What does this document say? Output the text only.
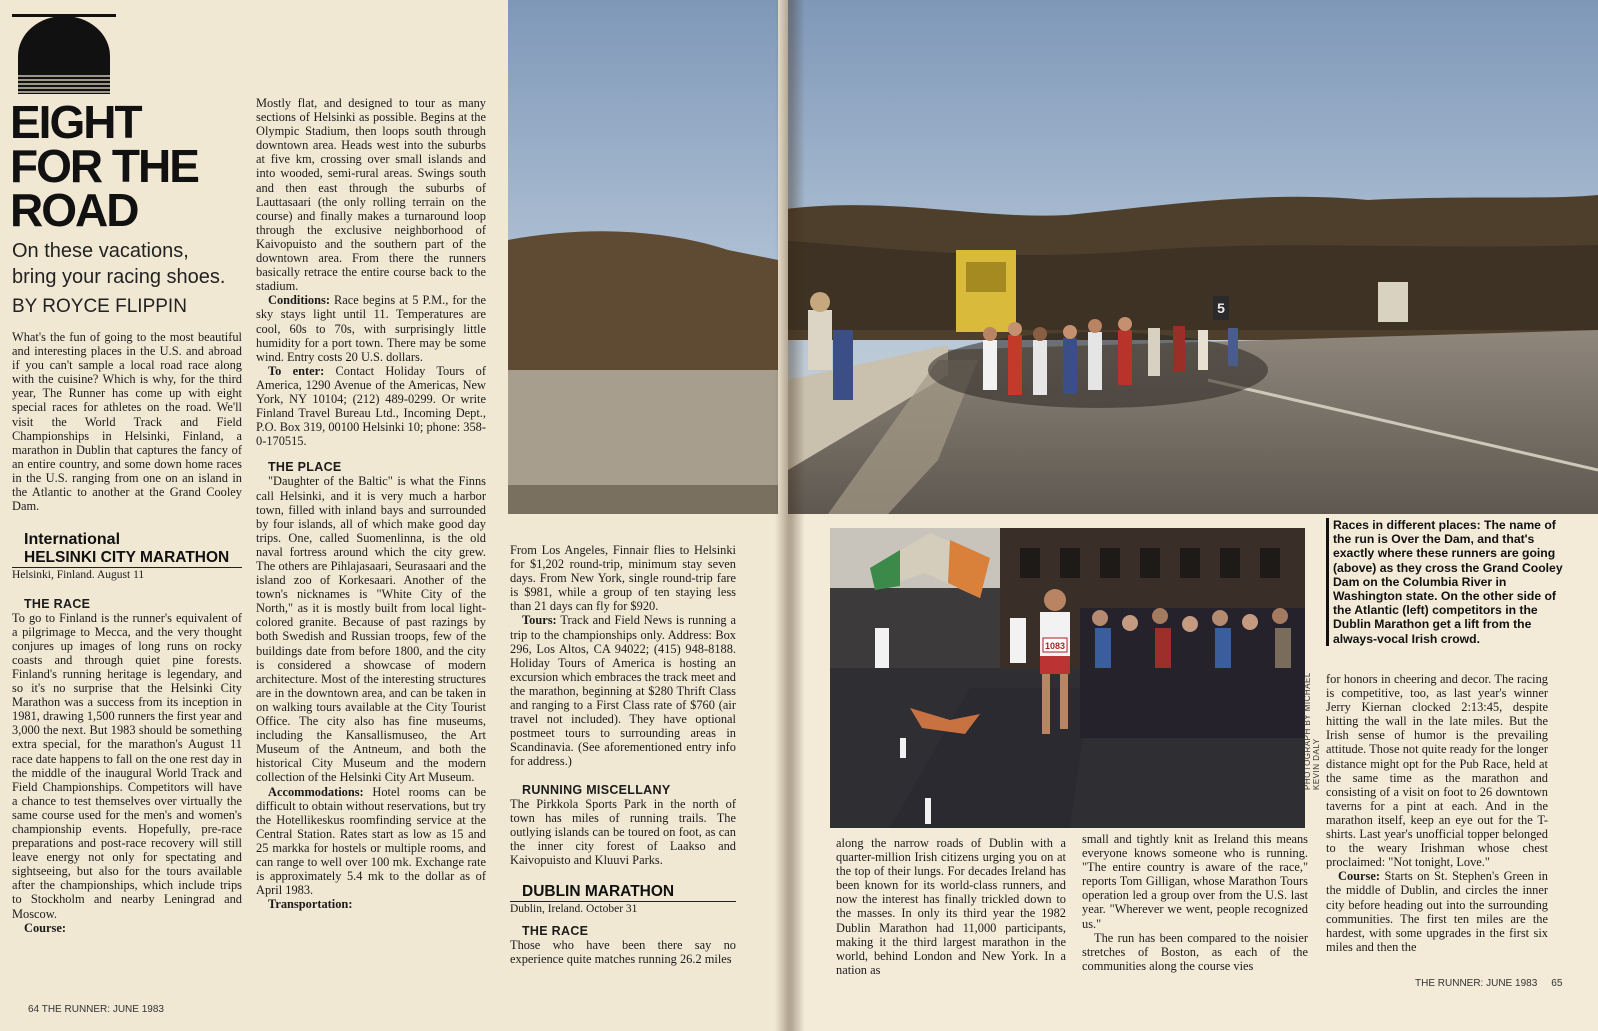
EIGHT
FOR THE
ROAD
On these vacations,
bring your racing shoes.
BY ROYCE FLIPPIN

What's the fun of going to the most beautiful and interesting places in the U.S. and abroad if you can't sample a local road race along with the cuisine? Which is why, for the third year, The Runner has come up with eight special races for athletes on the road. We'll visit the World Track and Field Championships in Helsinki, Finland, a marathon in Dublin that captures the fancy of an entire country, and some down home races in the U.S. ranging from one on an island in the Atlantic to another at the Grand Cooley Dam.

International

HELSINKI CITY MARATHON

Helsinki, Finland. August 11

THE RACE

To go to Finland is the runner's equivalent of a pilgrimage to Mecca, and the very thought conjures up images of long runs on rocky coasts and through quiet pine forests. Finland's running heritage is legendary, and so it's no surprise that the Helsinki City Marathon was a success from its inception in 1981, drawing 1,500 runners the first year and 3,000 the next. But 1983 should be something extra special, for the marathon's August 11 race date happens to fall on the one rest day in the middle of the inaugural World Track and Field Championships. Competitors will have a chance to test themselves over virtually the same course used for the men's and women's championship events. Hopefully, pre-race preparations and post-race recovery will still leave energy not only for spectating and sightseeing, but also for the tours available after the championships, which include trips to Stockholm and nearby Leningrad and Moscow.

Course:

Mostly flat, and designed to tour as many sections of Helsinki as possible. Begins at the Olympic Stadium, then loops south through downtown area. Heads west into the suburbs at five km, crossing over small islands and into wooded, semi-rural areas. Swings south and then east through the suburbs of Lauttasaari (the only rolling terrain on the course) and finally makes a turnaround loop through the exclusive neighborhood of Kaivopuisto and the southern part of the downtown area. From there the runners basically retrace the entire course back to the stadium.

Conditions: Race begins at 5 P.M., for the sky stays light until 11. Temperatures are cool, 60s to 70s, with surprisingly little humidity for a port town. There may be some wind. Entry costs 20 U.S. dollars.

To enter: Contact Holiday Tours of America, 1290 Avenue of the Americas, New York, NY 10104; (212) 489-0299. Or write Finland Travel Bureau Ltd., Incoming Dept., P.O. Box 319, 00100 Helsinki 10; phone: 358-0-170515.

THE PLACE

"Daughter of the Baltic" is what the Finns call Helsinki, and it is very much a harbor town, filled with inland bays and surrounded by four islands, all of which make good day trips. One, called Suomenlinna, is the old naval fortress around which the city grew. The others are Pihlajasaari, Seurasaari and the island zoo of Korkesaari. Another of the town's nicknames is "White City of the North," as it is mostly built from local light-colored granite. Because of past razings by both Swedish and Russian troops, few of the buildings date from before 1800, and the city is considered a showcase of modern architecture. Most of the interesting structures are in the downtown area, and can be taken in on walking tours available at the City Tourist Office. The city also has fine museums, including the Kansallismuseo, the Art Museum of the Antneum, and both the historical City Museum and the modern collection of the Helsinki City Art Museum.

Accommodations: Hotel rooms can be difficult to obtain without reservations, but try the Hotellikeskus roomfinding service at the Central Station. Rates start as low as 15 and 25 markka for hostels or multiple rooms, and can range to well over 100 mk. Exchange rate is approximately 5.4 mk to the dollar as of April 1983.

Transportation:

From Los Angeles, Finnair flies to Helsinki for $1,202 round-trip, minimum stay seven days. From New York, single round-trip fare is $981, while a group of ten staying less than 21 days can fly for $920.

Tours: Track and Field News is running a trip to the championships only. Address: Box 296, Los Altos, CA 94022; (415) 948-8188. Holiday Tours of America is hosting an excursion which embraces the track meet and the marathon, beginning at $280 Thrift Class and ranging to a First Class rate of $760 (air travel not included). They have optional postmeet tours to surrounding areas in Scandinavia. (See aforementioned entry info for address.)

RUNNING MISCELLANY

The Pirkkola Sports Park in the north of town has miles of running trails. The outlying islands can be toured on foot, as can the inner city forest of Laakso and Kaivopuisto and Kluuvi Parks.

DUBLIN MARATHON

Dublin, Ireland. October 31

THE RACE

Those who have been there say no experience quite matches running 26.2 miles

5
1083
PHOTOGRAPH BY MICHAEL KEVIN DALY
Races in different places: The name of the run is Over the Dam, and that's exactly where these runners are going (above) as they cross the Grand Cooley Dam on the Columbia River in Washington state. On the other side of the Atlantic (left) competitors in the Dublin Marathon get a lift from the always-vocal Irish crowd.

along the narrow roads of Dublin with a quarter-million Irish citizens urging you on at the top of their lungs. For decades Ireland has been known for its world-class runners, and now the interest has finally trickled down to the masses. In only its third year the 1982 Dublin Marathon had 11,000 participants, making it the third largest marathon in the world, behind London and New York. In a nation as

small and tightly knit as Ireland this means everyone knows someone who is running. "The entire country is aware of the race," reports Tom Gilligan, whose Marathon Tours operation led a group over from the U.S. last year. "Wherever we went, people recognized us."

The run has been compared to the noisier stretches of Boston, as each of the communities along the course vies

for honors in cheering and decor. The racing is competitive, too, as last year's winner Jerry Kiernan clocked 2:13:45, despite hitting the wall in the late miles. But the Irish sense of humor is the prevailing attitude. Those not quite ready for the longer distance might opt for the Pub Race, held at the same time as the marathon and consisting of a visit on foot to 26 downtown taverns for a pint at each. And in the marathon itself, keep an eye out for the T-shirts. Last year's unofficial topper belonged to the weary Irishman whose chest proclaimed: "Not tonight, Love."

Course: Starts on St. Stephen's Green in the middle of Dublin, and circles the inner city before heading out into the surrounding communities. The first ten miles are the hardest, with some upgrades in the first six miles and then the

64 THE RUNNER: JUNE 1983
THE RUNNER: JUNE 1983 65
